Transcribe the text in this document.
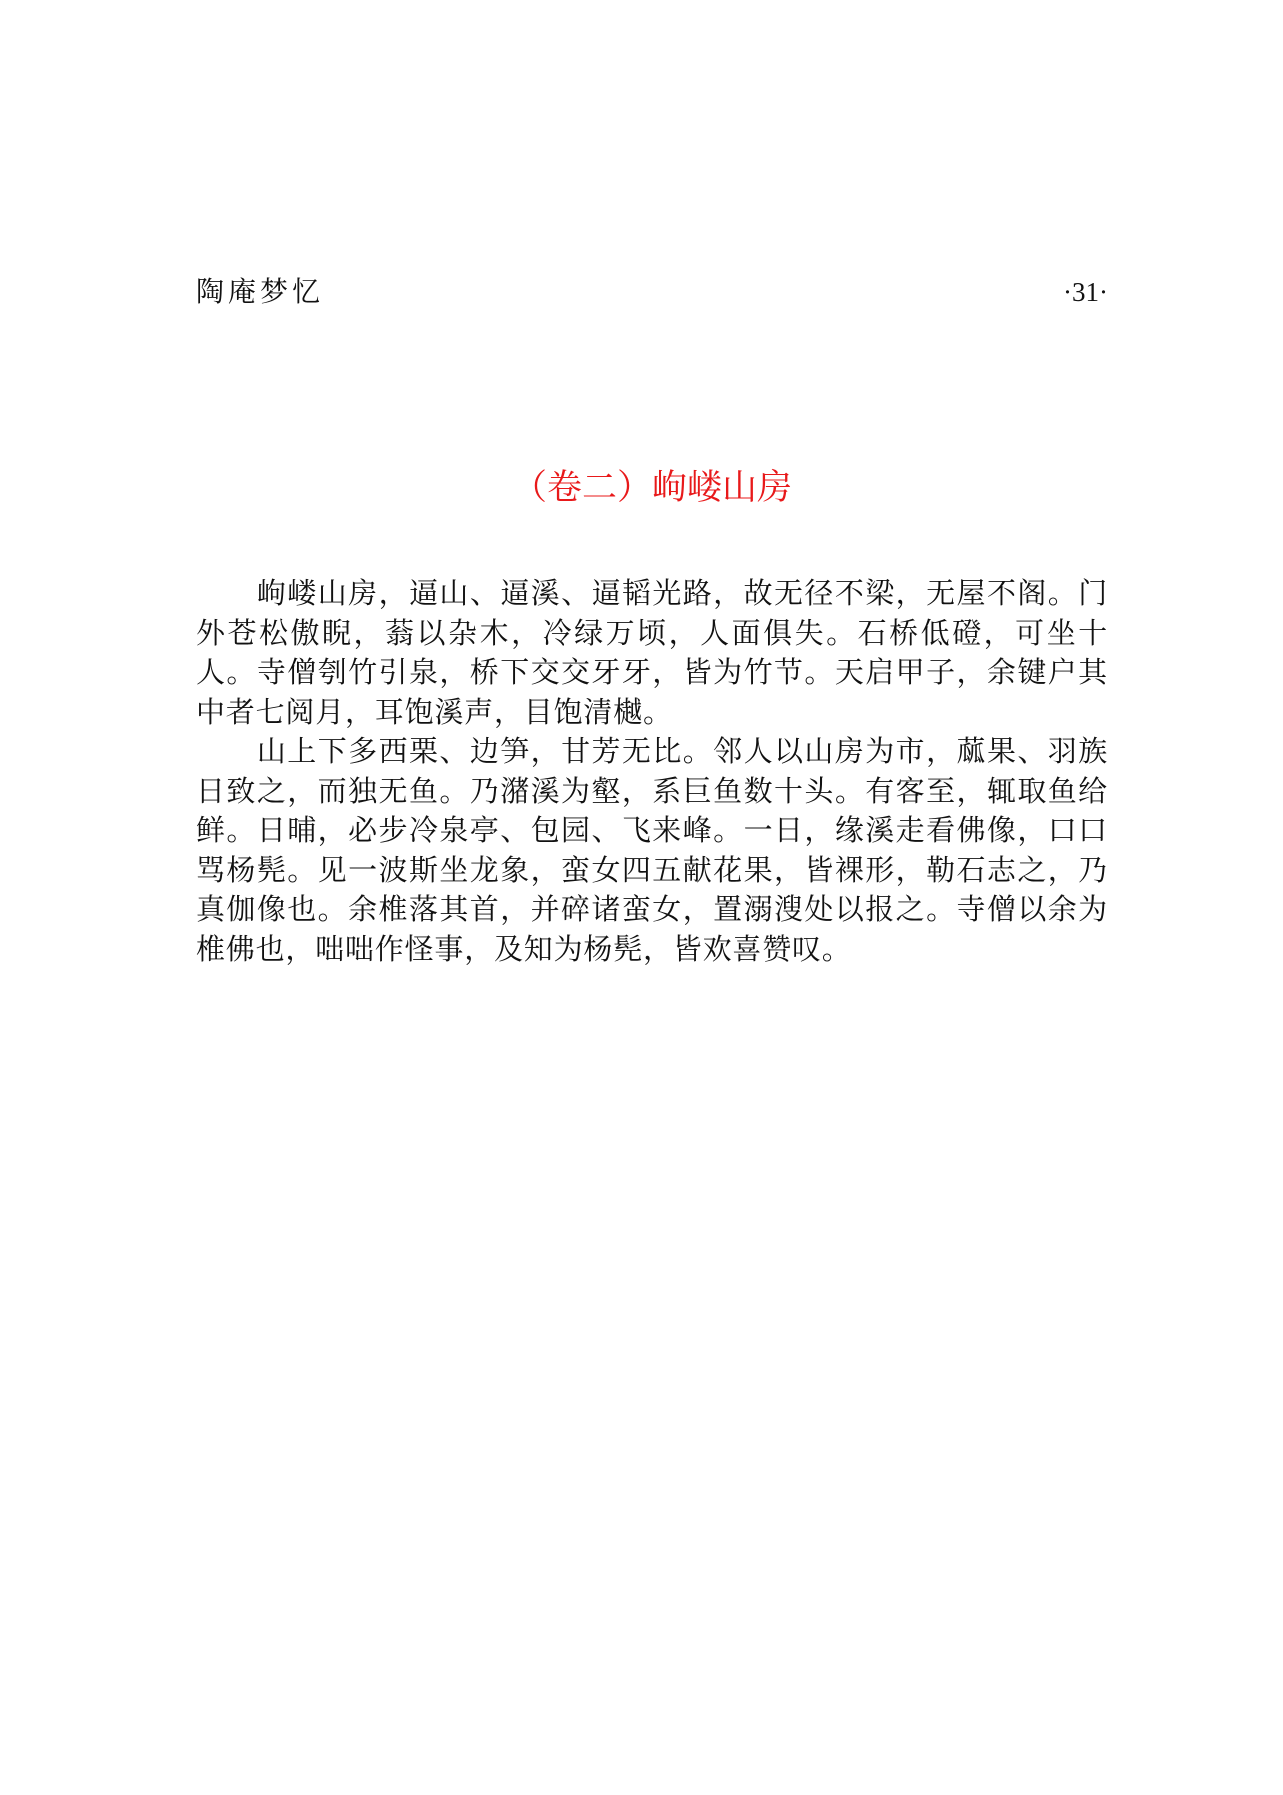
陶庵梦忆	·31·
（卷二）岣嵝山房

岣嵝山房，逼山、逼溪、逼韬光路，故无径不梁，无屋不阁。门外苍松傲睨，蓊以杂木，冷绿万顷，人面俱失。石桥低磴，可坐十人。寺僧刳竹引泉，桥下交交牙牙，皆为竹节。天启甲子，余键户其中者七阅月，耳饱溪声，目饱清樾。

山上下多西栗、边笋，甘芳无比。邻人以山房为市，蓏果、羽族日致之，而独无鱼。乃潴溪为壑，系巨鱼数十头。有客至，辄取鱼给鲜。日晡，必步冷泉亭、包园、飞来峰。一日，缘溪走看佛像，口口骂杨髡。见一波斯坐龙象，蛮女四五献花果，皆裸形，勒石志之，乃真伽像也。余椎落其首，并碎诸蛮女，置溺溲处以报之。寺僧以余为椎佛也，咄咄作怪事，及知为杨髡，皆欢喜赞叹。
